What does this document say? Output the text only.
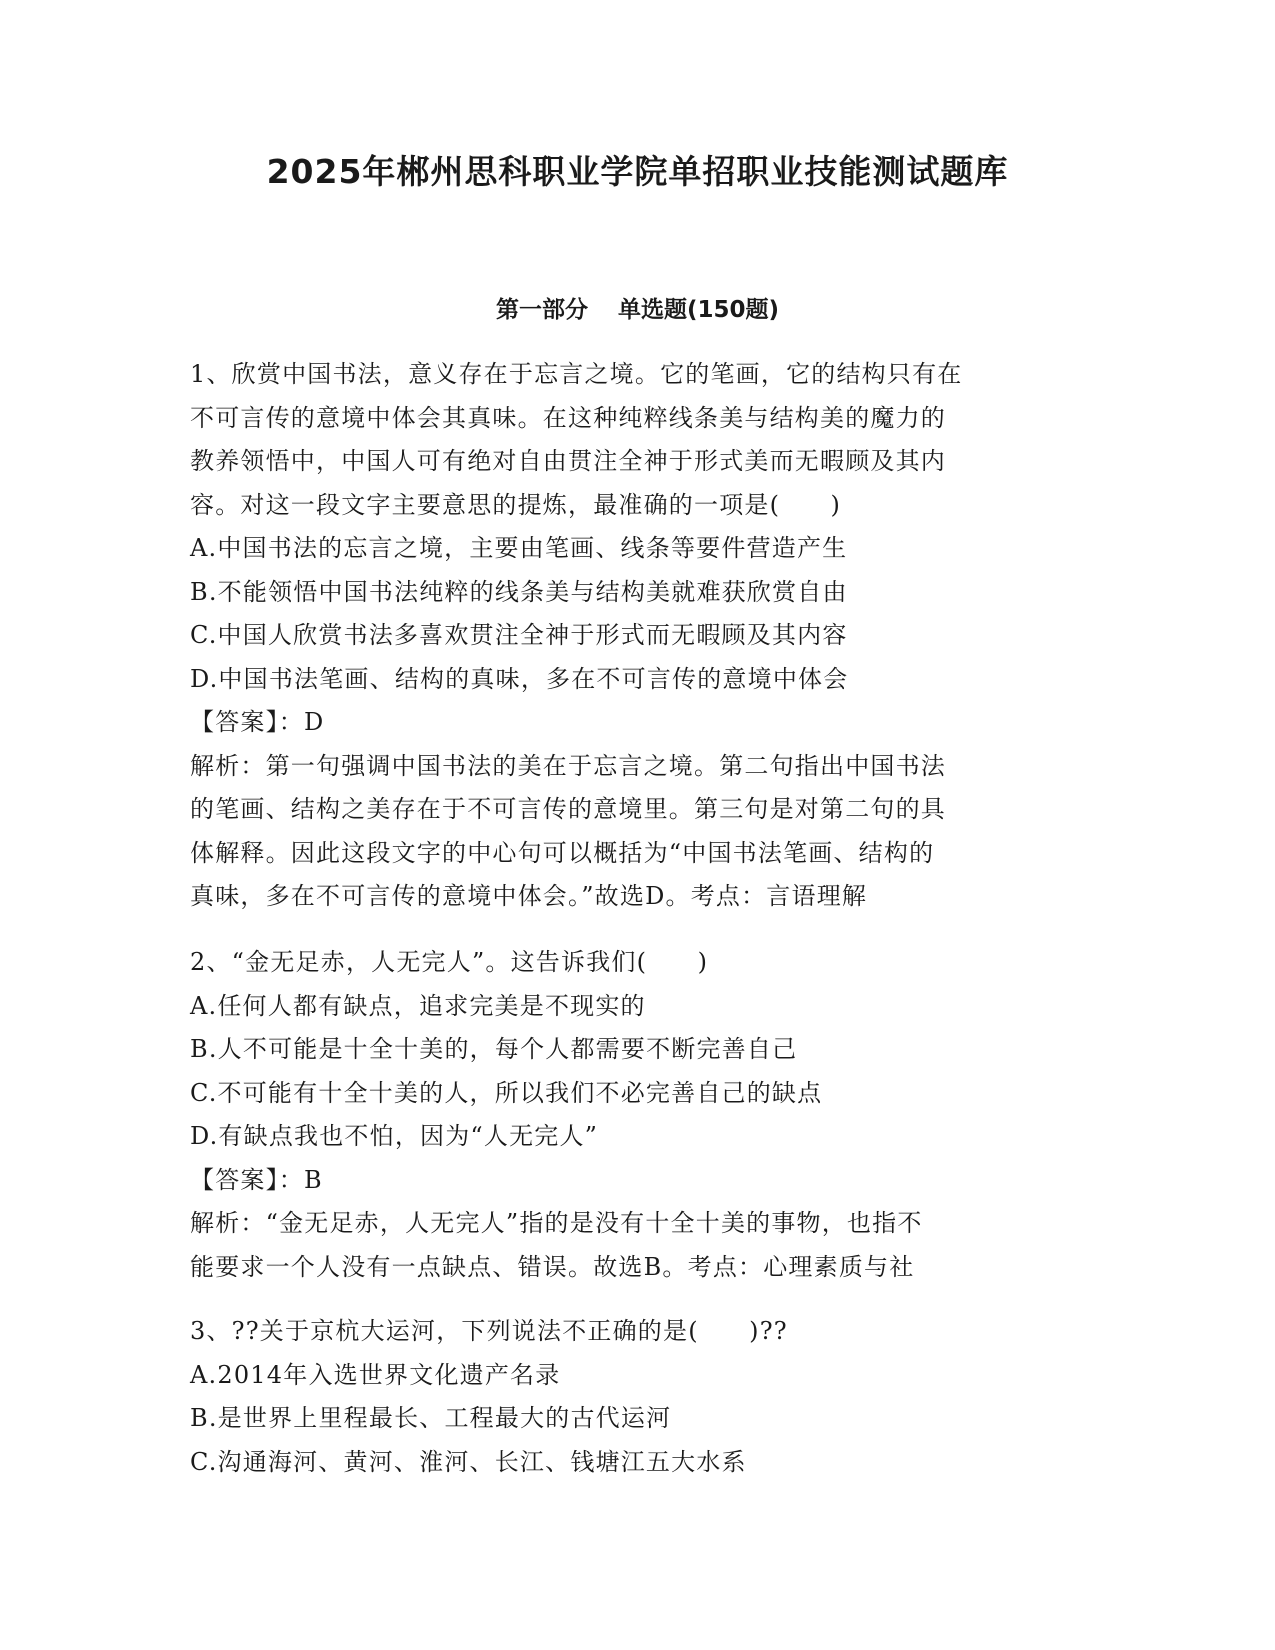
2025年郴州思科职业学院单招职业技能测试题库
第一部分 单选题(150题)
1、欣赏中国书法，意义存在于忘言之境。它的笔画，它的结构只有在
不可言传的意境中体会其真味。在这种纯粹线条美与结构美的魔力的
教养领悟中，中国人可有绝对自由贯注全神于形式美而无暇顾及其内
容。对这一段文字主要意思的提炼，最准确的一项是(　　)
A.中国书法的忘言之境，主要由笔画、线条等要件营造产生
B.不能领悟中国书法纯粹的线条美与结构美就难获欣赏自由
C.中国人欣赏书法多喜欢贯注全神于形式而无暇顾及其内容
D.中国书法笔画、结构的真味，多在不可言传的意境中体会
【答案】：D
解析：第一句强调中国书法的美在于忘言之境。第二句指出中国书法
的笔画、结构之美存在于不可言传的意境里。第三句是对第二句的具
体解释。因此这段文字的中心句可以概括为“中国书法笔画、结构的
真味，多在不可言传的意境中体会。”故选D。考点：言语理解
2、“金无足赤，人无完人”。这告诉我们(　　)
A.任何人都有缺点，追求完美是不现实的
B.人不可能是十全十美的，每个人都需要不断完善自己
C.不可能有十全十美的人，所以我们不必完善自己的缺点
D.有缺点我也不怕，因为“人无完人”
【答案】：B
解析：“金无足赤，人无完人”指的是没有十全十美的事物，也指不
能要求一个人没有一点缺点、错误。故选B。考点：心理素质与社
3、??关于京杭大运河，下列说法不正确的是(　　)??
A.2014年入选世界文化遗产名录
B.是世界上里程最长、工程最大的古代运河
C.沟通海河、黄河、淮河、长江、钱塘江五大水系
